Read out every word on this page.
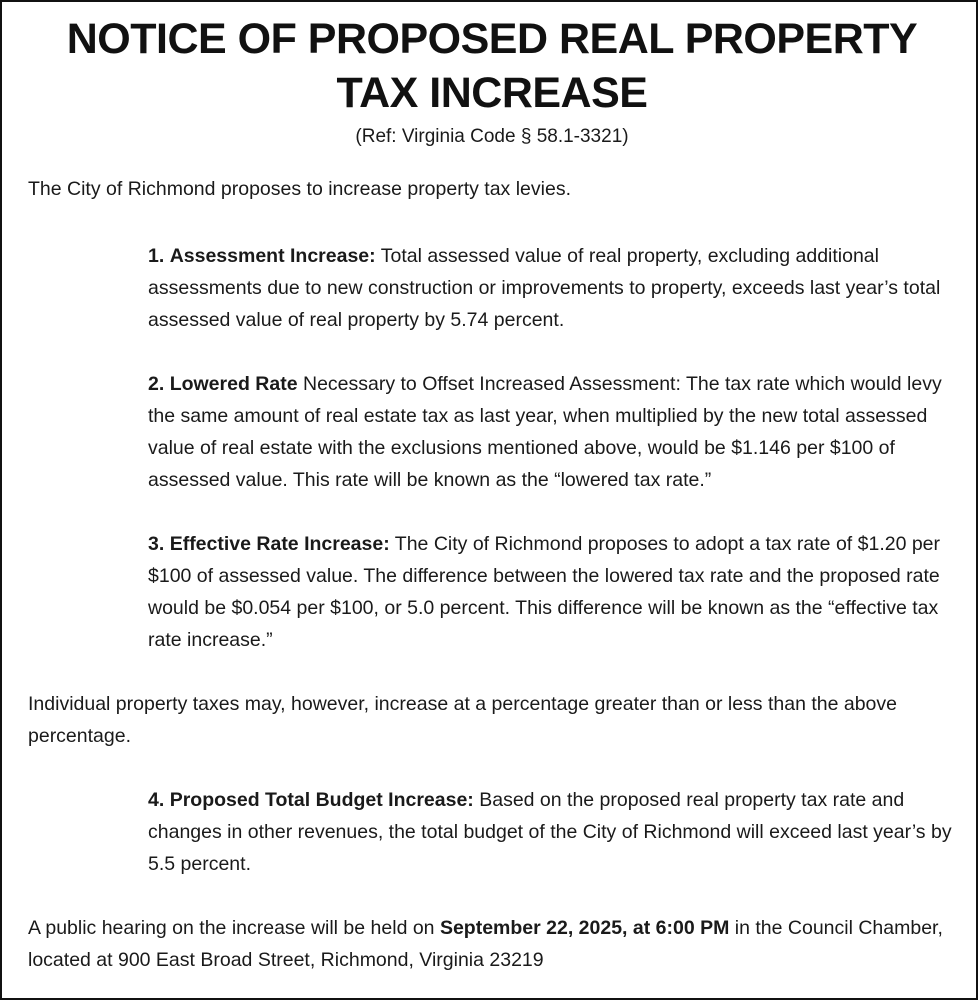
NOTICE OF PROPOSED REAL PROPERTY TAX INCREASE
(Ref: Virginia Code § 58.1-3321)
The City of Richmond proposes to increase property tax levies.
1. Assessment Increase: Total assessed value of real property, excluding additional assessments due to new construction or improvements to property, exceeds last year’s total assessed value of real property by 5.74 percent.
2. Lowered Rate Necessary to Offset Increased Assessment: The tax rate which would levy the same amount of real estate tax as last year, when multiplied by the new total assessed value of real estate with the exclusions mentioned above, would be $1.146 per $100 of assessed value. This rate will be known as the “lowered tax rate.”
3. Effective Rate Increase: The City of Richmond proposes to adopt a tax rate of $1.20 per $100 of assessed value. The difference between the lowered tax rate and the proposed rate would be $0.054 per $100, or 5.0 percent. This difference will be known as the “effective tax rate increase.”
Individual property taxes may, however, increase at a percentage greater than or less than the above percentage.
4. Proposed Total Budget Increase: Based on the proposed real property tax rate and changes in other revenues, the total budget of the City of Richmond will exceed last year’s by 5.5 percent.
A public hearing on the increase will be held on September 22, 2025, at 6:00 PM in the Council Chamber, located at 900 East Broad Street, Richmond, Virginia 23219
